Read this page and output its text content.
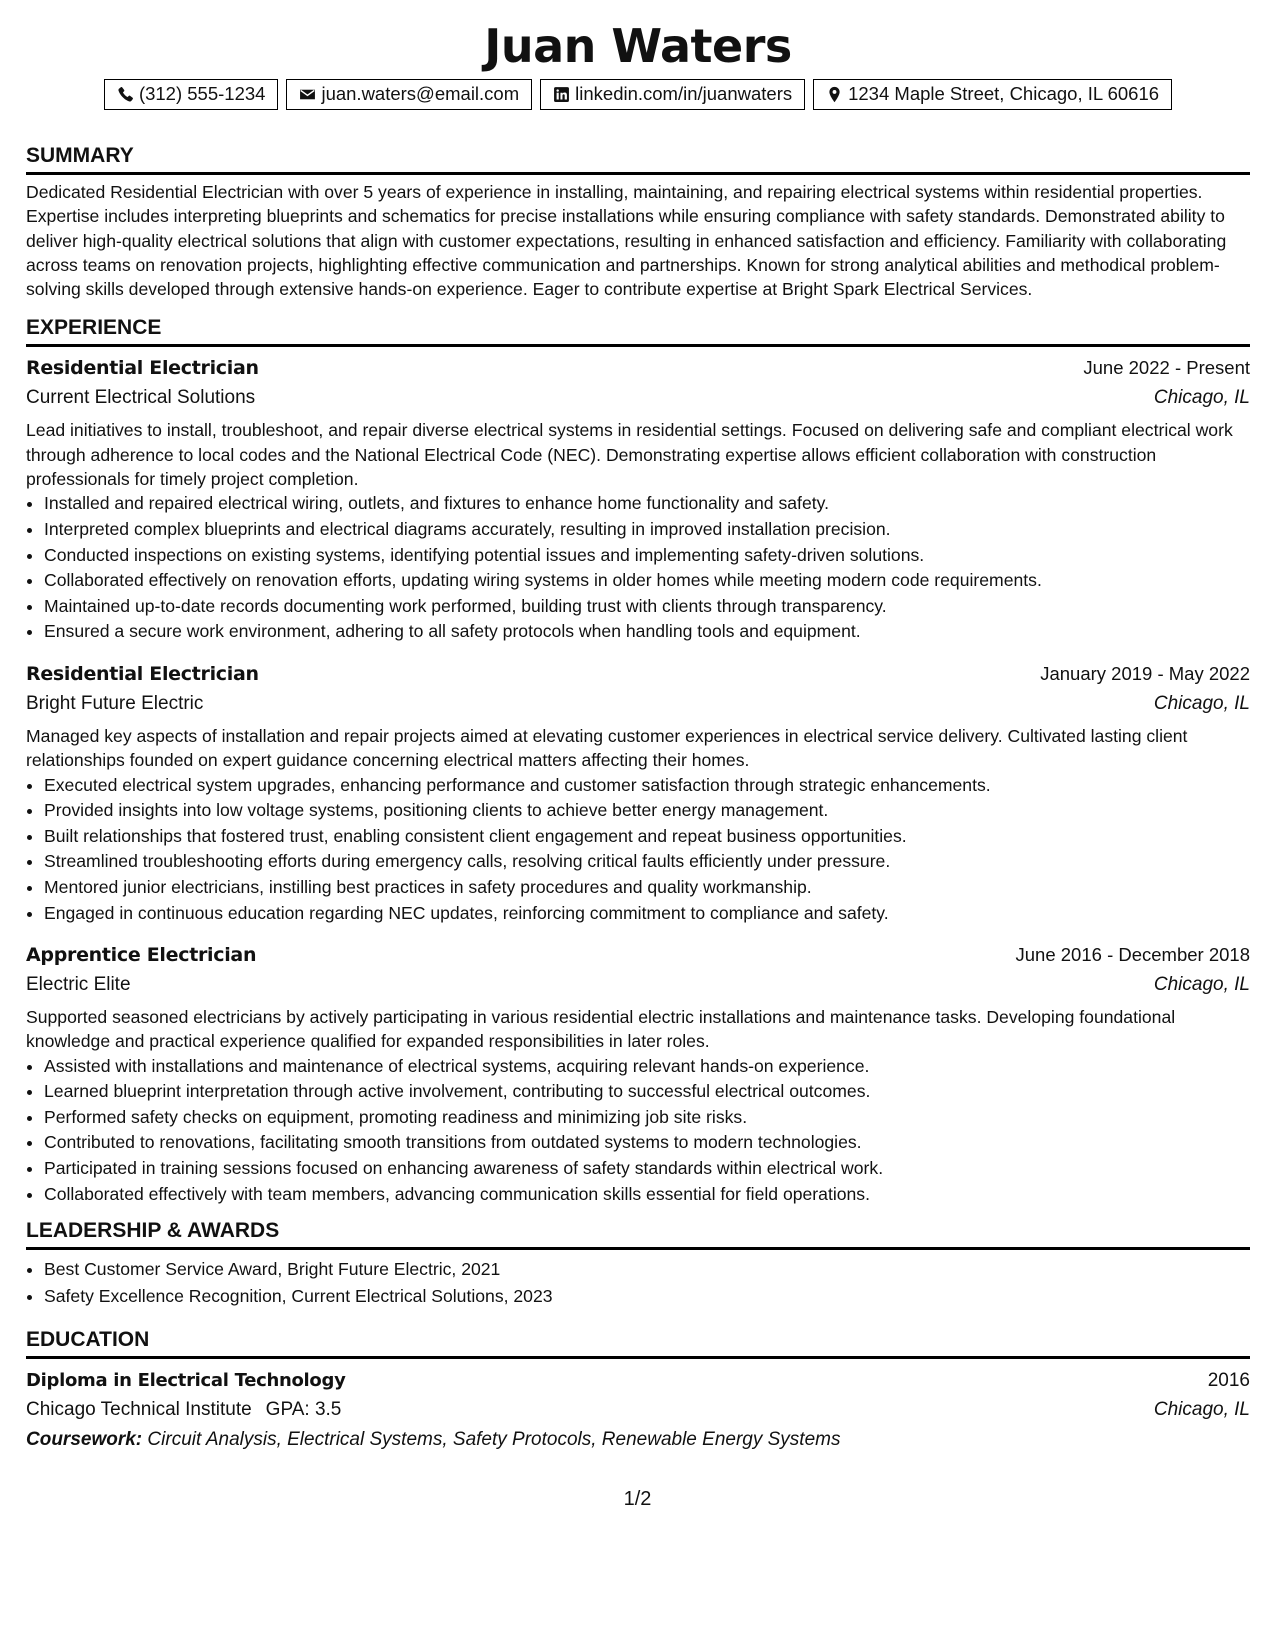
Juan Waters
(312) 555-1234	juan.waters@email.com	linkedin.com/in/juanwaters	1234 Maple Street, Chicago, IL 60616
SUMMARY

Dedicated Residential Electrician with over 5 years of experience in installing, maintaining, and repairing electrical systems within residential properties. Expertise includes interpreting blueprints and schematics for precise installations while ensuring compliance with safety standards. Demonstrated ability to deliver high-quality electrical solutions that align with customer expectations, resulting in enhanced satisfaction and efficiency. Familiarity with collaborating across teams on renovation projects, highlighting effective communication and partnerships. Known for strong analytical abilities and methodical problem-solving skills developed through extensive hands-on experience. Eager to contribute expertise at Bright Spark Electrical Services.

EXPERIENCE
Residential Electrician	June 2022 - Present
Current Electrical Solutions	Chicago, IL

Lead initiatives to install, troubleshoot, and repair diverse electrical systems in residential settings. Focused on delivering safe and compliant electrical work through adherence to local codes and the National Electrical Code (NEC). Demonstrating expertise allows efficient collaboration with construction professionals for timely project completion.

• Installed and repaired electrical wiring, outlets, and fixtures to enhance home functionality and safety.
• Interpreted complex blueprints and electrical diagrams accurately, resulting in improved installation precision.
• Conducted inspections on existing systems, identifying potential issues and implementing safety-driven solutions.
• Collaborated effectively on renovation efforts, updating wiring systems in older homes while meeting modern code requirements.
• Maintained up-to-date records documenting work performed, building trust with clients through transparency.
• Ensured a secure work environment, adhering to all safety protocols when handling tools and equipment.
Residential Electrician	January 2019 - May 2022
Bright Future Electric	Chicago, IL

Managed key aspects of installation and repair projects aimed at elevating customer experiences in electrical service delivery. Cultivated lasting client relationships founded on expert guidance concerning electrical matters affecting their homes.

• Executed electrical system upgrades, enhancing performance and customer satisfaction through strategic enhancements.
• Provided insights into low voltage systems, positioning clients to achieve better energy management.
• Built relationships that fostered trust, enabling consistent client engagement and repeat business opportunities.
• Streamlined troubleshooting efforts during emergency calls, resolving critical faults efficiently under pressure.
• Mentored junior electricians, instilling best practices in safety procedures and quality workmanship.
• Engaged in continuous education regarding NEC updates, reinforcing commitment to compliance and safety.
Apprentice Electrician	June 2016 - December 2018
Electric Elite	Chicago, IL

Supported seasoned electricians by actively participating in various residential electric installations and maintenance tasks. Developing foundational knowledge and practical experience qualified for expanded responsibilities in later roles.

• Assisted with installations and maintenance of electrical systems, acquiring relevant hands-on experience.
• Learned blueprint interpretation through active involvement, contributing to successful electrical outcomes.
• Performed safety checks on equipment, promoting readiness and minimizing job site risks.
• Contributed to renovations, facilitating smooth transitions from outdated systems to modern technologies.
• Participated in training sessions focused on enhancing awareness of safety standards within electrical work.
• Collaborated effectively with team members, advancing communication skills essential for field operations.
LEADERSHIP & AWARDS
• Best Customer Service Award, Bright Future Electric, 2021
• Safety Excellence Recognition, Current Electrical Solutions, 2023
EDUCATION
Diploma in Electrical Technology	2016
Chicago Technical Institute GPA: 3.5	Chicago, IL
Coursework: Circuit Analysis, Electrical Systems, Safety Protocols, Renewable Energy Systems
1/2
